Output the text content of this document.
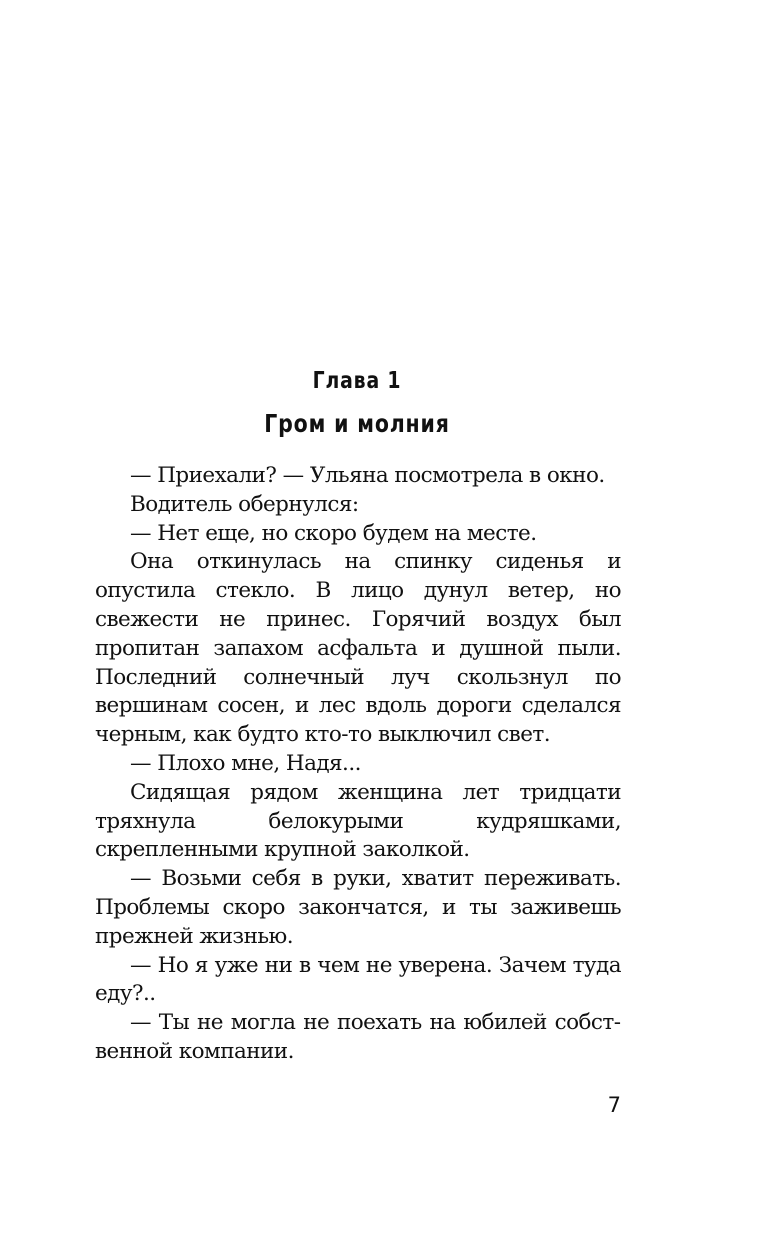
Глава 1
Гром и молния

— Приехали? — Ульяна посмотрела в окно.

Водитель обернулся:

— Нет еще, но скоро будем на месте.

Она откинулась на спинку сиденья и опустила стекло. В лицо дунул ветер, но свежести не принес. Горячий воздух был пропитан запахом асфальта и душной пыли. Последний солнечный луч скользнул по вершинам сосен, и лес вдоль дороги сделался черным, как будто кто-то выключил свет.

— Плохо мне, Надя...

Сидящая рядом женщина лет тридцати тряхнула белокурыми кудряшками, скрепленными крупной заколкой.

— Возьми себя в руки, хватит переживать. Проблемы скоро закончатся, и ты заживешь прежней жизнью.

— Но я уже ни в чем не уверена. Зачем туда еду?..

— Ты не могла не поехать на юбилей собственной компании.

7
